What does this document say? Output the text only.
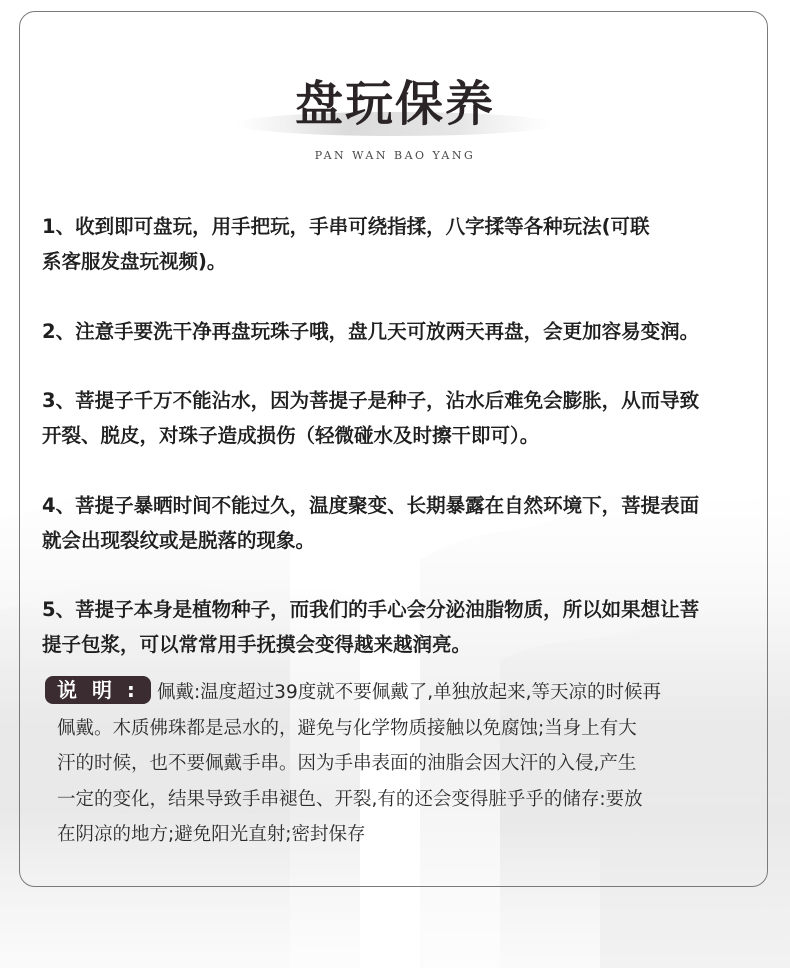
盘玩保养
PAN WAN BAO YANG
1、收到即可盘玩，用手把玩，手串可绕指揉，八字揉等各种玩法(可联
系客服发盘玩视频)。
2、注意手要洗干净再盘玩珠子哦，盘几天可放两天再盘，会更加容易变润。
3、菩提子千万不能沾水，因为菩提子是种子，沾水后难免会膨胀，从而导致
开裂、脱皮，对珠子造成损伤（轻微碰水及时擦干即可）。
4、菩提子暴晒时间不能过久，温度聚变、长期暴露在自然环境下，菩提表面
就会出现裂纹或是脱落的现象。
5、菩提子本身是植物种子，而我们的手心会分泌油脂物质，所以如果想让菩
提子包浆，可以常常用手抚摸会变得越来越润亮。
说 明 : 佩戴:温度超过39度就不要佩戴了,单独放起来,等天凉的时候再
佩戴。木质佛珠都是忌水的，避免与化学物质接触以免腐蚀;当身上有大
汗的时候，也不要佩戴手串。因为手串表面的油脂会因大汗的入侵,产生
一定的变化，结果导致手串褪色、开裂,有的还会变得脏乎乎的储存:要放
在阴凉的地方;避免阳光直射;密封保存
